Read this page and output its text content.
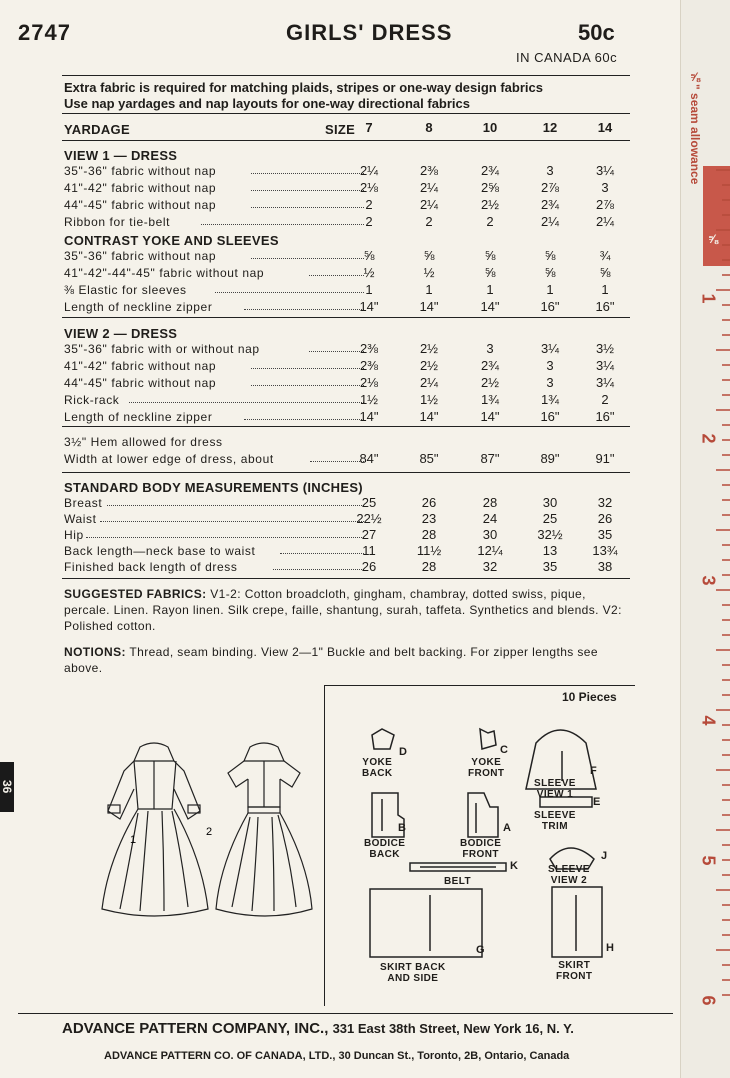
2747	GIRLS' DRESS	50c
IN CANADA 60c
Extra fabric is required for matching plaids, stripes or one-way design fabrics
Use nap yardages and nap layouts for one-way directional fabrics
YARDAGE	SIZE 7	8	10	12	14
VIEW 1 — DRESS
35"-36" fabric without nap	2¼	2⅜	2¾	3	3¼
41"-42" fabric without nap	2⅛	2¼	2⅝	2⅞	3
44"-45" fabric without nap	2	2¼	2½	2¾	2⅞
Ribbon for tie-belt	2	2	2	2¼	2¼
CONTRAST YOKE AND SLEEVES
35"-36" fabric without nap	⅝	⅝	⅝	⅝	¾
41"-42"-44"-45" fabric without nap	½	½	⅝	⅝	⅝
⅜ Elastic for sleeves	1	1	1	1	1
Length of neckline zipper	14"	14"	14"	16"	16"
VIEW 2 — DRESS
35"-36" fabric with or without nap	2⅜	2½	3	3¼	3½
41"-42" fabric without nap	2⅜	2½	2¾	3	3¼
44"-45" fabric without nap	2⅛	2¼	2½	3	3¼
Rick-rack	1½	1½	1¾	1¾	2
Length of neckline zipper	14"	14"	14"	16"	16"
3½" Hem allowed for dress
Width at lower edge of dress, about	84"	85"	87"	89"	91"
STANDARD BODY MEASUREMENTS (INCHES)
Breast	25	26	28	30	32
Waist	22½	23	24	25	26
Hip	27	28	30	32½	35
Back length—neck base to waist	11	11½	12¼	13	13¾
Finished back length of dress	26	28	32	35	38
SUGGESTED FABRICS: V1-2: Cotton broadcloth, gingham, chambray, dotted swiss, pique, percale. Linen. Rayon linen. Silk crepe, faille, shantung, surah, taffeta. Synthetics and blends. V2: Polished cotton.
NOTIONS: Thread, seam binding. View 2—1" Buckle and belt backing. For zipper lengths see above.
1
2
10 Pieces
D
YOKE
BACK
C
YOKE
FRONT	F
SLEEVE
VIEW 1
E
SLEEVE
TRIM
B
BODICE
BACK
A
BODICE
FRONT
K
BELT
J
SLEEVE
VIEW 2
G
SKIRT BACK
AND SIDE
H
SKIRT
FRONT
ADVANCE PATTERN COMPANY, INC., 331 East 38th Street, New York 16, N. Y.
ADVANCE PATTERN CO. OF CANADA, LTD., 30 Duncan St., Toronto, 2B, Ontario, Canada
36
⅝" seam allowance
⅝
1
2
3
4
5
6
